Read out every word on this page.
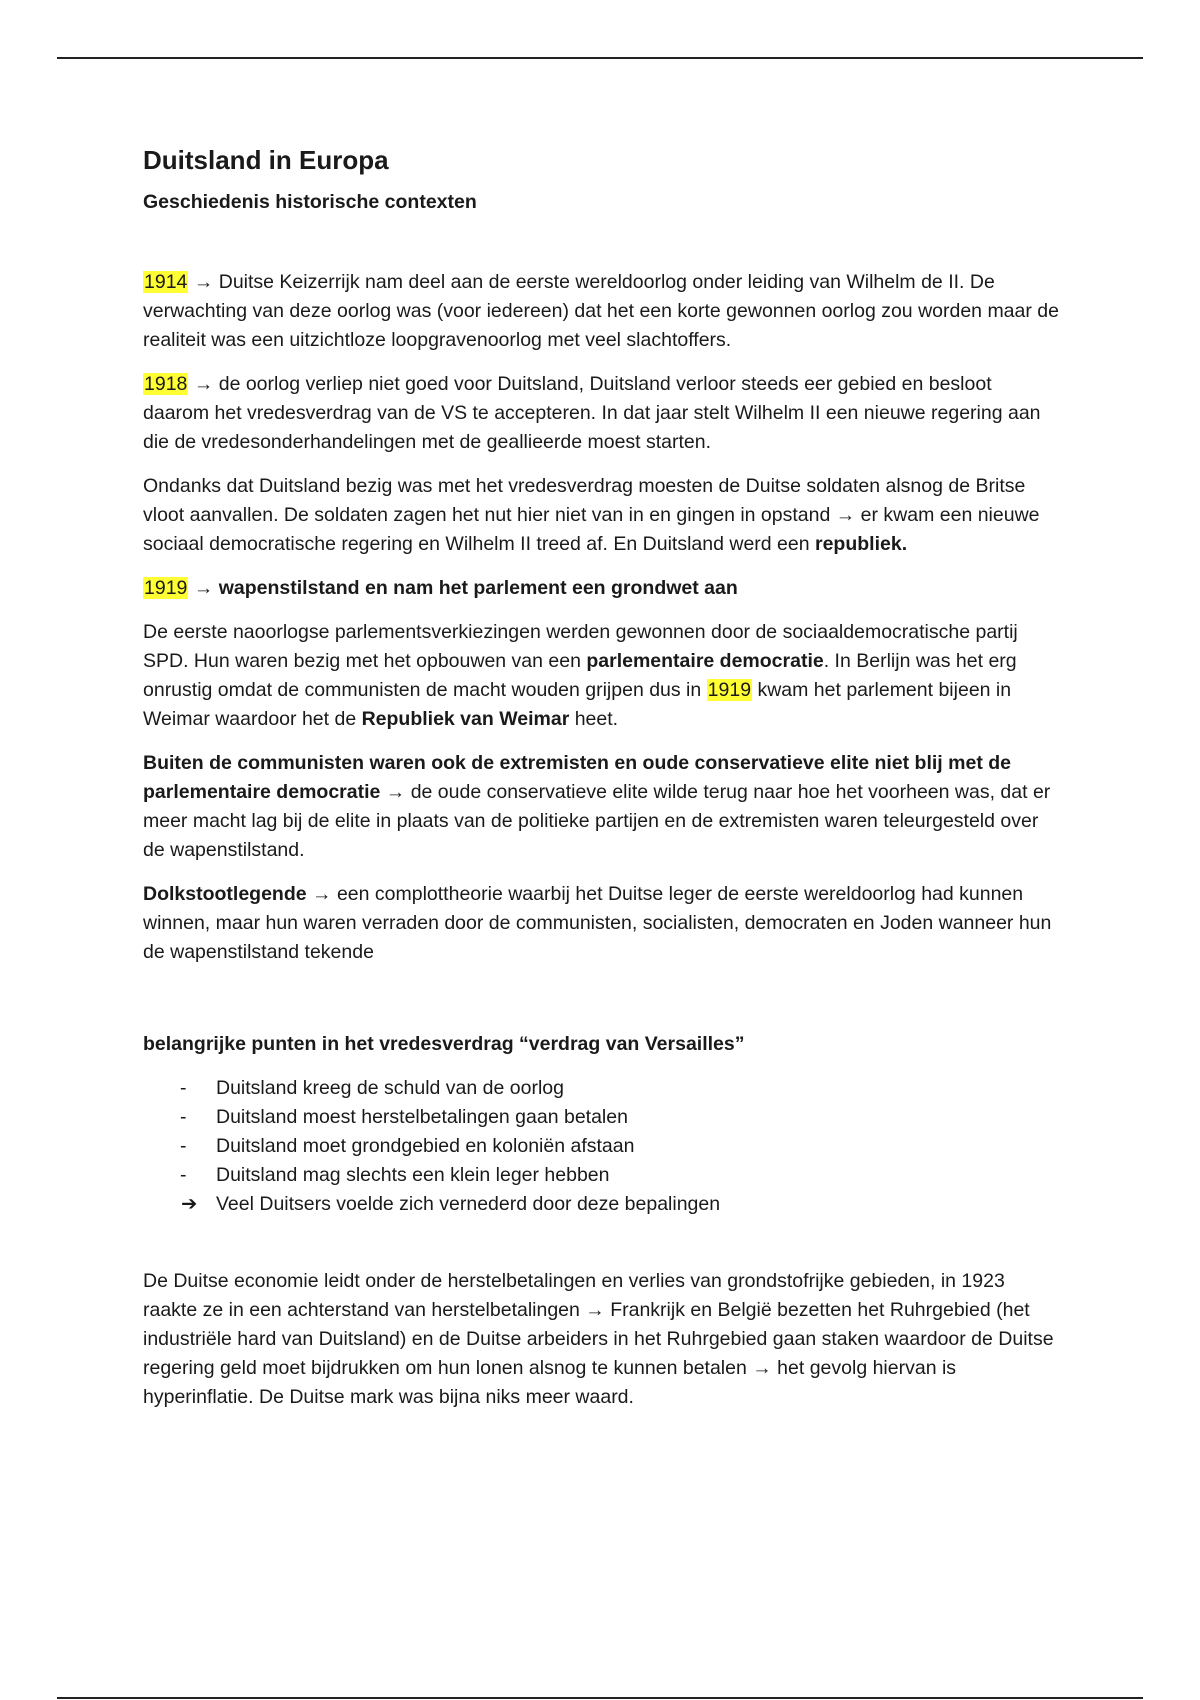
Duitsland in Europa
Geschiedenis historische contexten

1914 → Duitse Keizerrijk nam deel aan de eerste wereldoorlog onder leiding van Wilhelm de II. De verwachting van deze oorlog was (voor iedereen) dat het een korte gewonnen oorlog zou worden maar de realiteit was een uitzichtloze loopgravenoorlog met veel slachtoffers.

1918 → de oorlog verliep niet goed voor Duitsland, Duitsland verloor steeds eer gebied en besloot daarom het vredesverdrag van de VS te accepteren. In dat jaar stelt Wilhelm II een nieuwe regering aan die de vredesonderhandelingen met de geallieerde moest starten.

Ondanks dat Duitsland bezig was met het vredesverdrag moesten de Duitse soldaten alsnog de Britse vloot aanvallen. De soldaten zagen het nut hier niet van in en gingen in opstand → er kwam een nieuwe sociaal democratische regering en Wilhelm II treed af. En Duitsland werd een republiek.

1919 → wapenstilstand en nam het parlement een grondwet aan

De eerste naoorlogse parlementsverkiezingen werden gewonnen door de sociaaldemocratische partij SPD. Hun waren bezig met het opbouwen van een parlementaire democratie. In Berlijn was het erg onrustig omdat de communisten de macht wouden grijpen dus in 1919 kwam het parlement bijeen in Weimar waardoor het de Republiek van Weimar heet.

Buiten de communisten waren ook de extremisten en oude conservatieve elite niet blij met de parlementaire democratie → de oude conservatieve elite wilde terug naar hoe het voorheen was, dat er meer macht lag bij de elite in plaats van de politieke partijen en de extremisten waren teleurgesteld over de wapenstilstand.

Dolkstootlegende → een complottheorie waarbij het Duitse leger de eerste wereldoorlog had kunnen winnen, maar hun waren verraden door de communisten, socialisten, democraten en Joden wanneer hun de wapenstilstand tekende

belangrijke punten in het vredesverdrag “verdrag van Versailles”

-	Duitsland kreeg de schuld van de oorlog
-	Duitsland moest herstelbetalingen gaan betalen
-	Duitsland moet grondgebied en koloniën afstaan
-	Duitsland mag slechts een klein leger hebben
➔ Veel Duitsers voelde zich vernederd door deze bepalingen

De Duitse economie leidt onder de herstelbetalingen en verlies van grondstofrijke gebieden, in 1923 raakte ze in een achterstand van herstelbetalingen → Frankrijk en België bezetten het Ruhrgebied (het industriële hard van Duitsland) en de Duitse arbeiders in het Ruhrgebied gaan staken waardoor de Duitse regering geld moet bijdrukken om hun lonen alsnog te kunnen betalen → het gevolg hiervan is hyperinflatie. De Duitse mark was bijna niks meer waard.
